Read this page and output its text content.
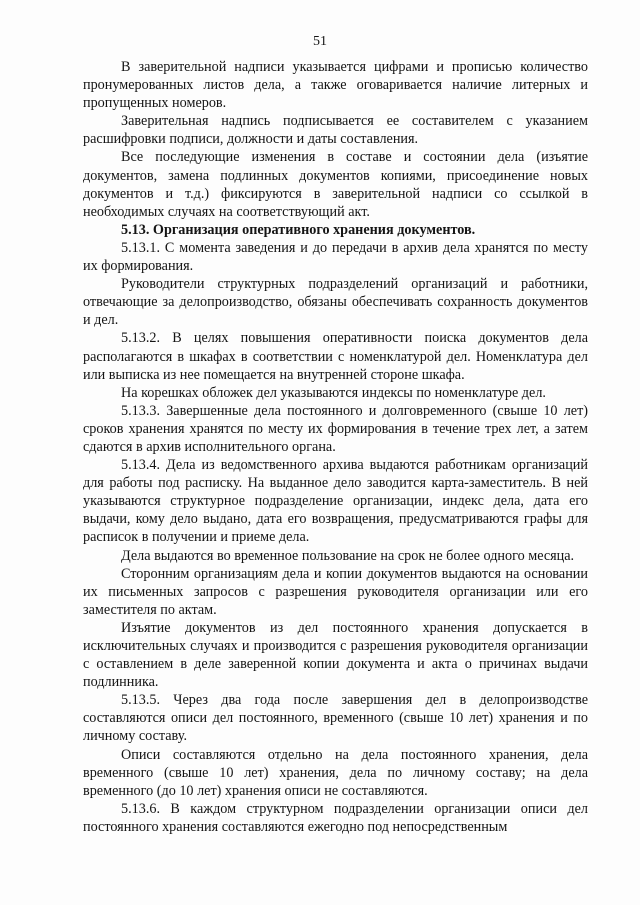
51

В заверительной надписи указывается цифрами и прописью количество пронумерованных листов дела, а также оговаривается наличие литерных и пропущенных номеров.

Заверительная надпись подписывается ее составителем с указанием расшифровки подписи, должности и даты составления.

Все последующие изменения в составе и состоянии дела (изъятие документов, замена подлинных документов копиями, присоединение новых документов и т.д.) фиксируются в заверительной надписи со ссылкой в необходимых случаях на соответствующий акт.

5.13. Организация оперативного хранения документов.

5.13.1. С момента заведения и до передачи в архив дела хранятся по месту их формирования.

Руководители структурных подразделений организаций и работники, отвечающие за делопроизводство, обязаны обеспечивать сохранность документов и дел.

5.13.2. В целях повышения оперативности поиска документов дела располагаются в шкафах в соответствии с номенклатурой дел. Номенклатура дел или выписка из нее помещается на внутренней стороне шкафа.

На корешках обложек дел указываются индексы по номенклатуре дел.

5.13.3. Завершенные дела постоянного и долговременного (свыше 10 лет) сроков хранения хранятся по месту их формирования в течение трех лет, а затем сдаются в архив исполнительного органа.

5.13.4. Дела из ведомственного архива выдаются работникам организаций для работы под расписку. На выданное дело заводится карта-заместитель. В ней указываются структурное подразделение организации, индекс дела, дата его выдачи, кому дело выдано, дата его возвращения, предусматриваются графы для расписок в получении и приеме дела.

Дела выдаются во временное пользование на срок не более одного месяца.

Сторонним организациям дела и копии документов выдаются на основании их письменных запросов с разрешения руководителя организации или его заместителя по актам.

Изъятие документов из дел постоянного хранения допускается в исключительных случаях и производится с разрешения руководителя организации с оставлением в деле заверенной копии документа и акта о причинах выдачи подлинника.

5.13.5. Через два года после завершения дел в делопроизводстве составляются описи дел постоянного, временного (свыше 10 лет) хранения и по личному составу.

Описи составляются отдельно на дела постоянного хранения, дела временного (свыше 10 лет) хранения, дела по личному составу; на дела временного (до 10 лет) хранения описи не составляются.

5.13.6. В каждом структурном подразделении организации описи дел постоянного хранения составляются ежегодно под непосредственным
